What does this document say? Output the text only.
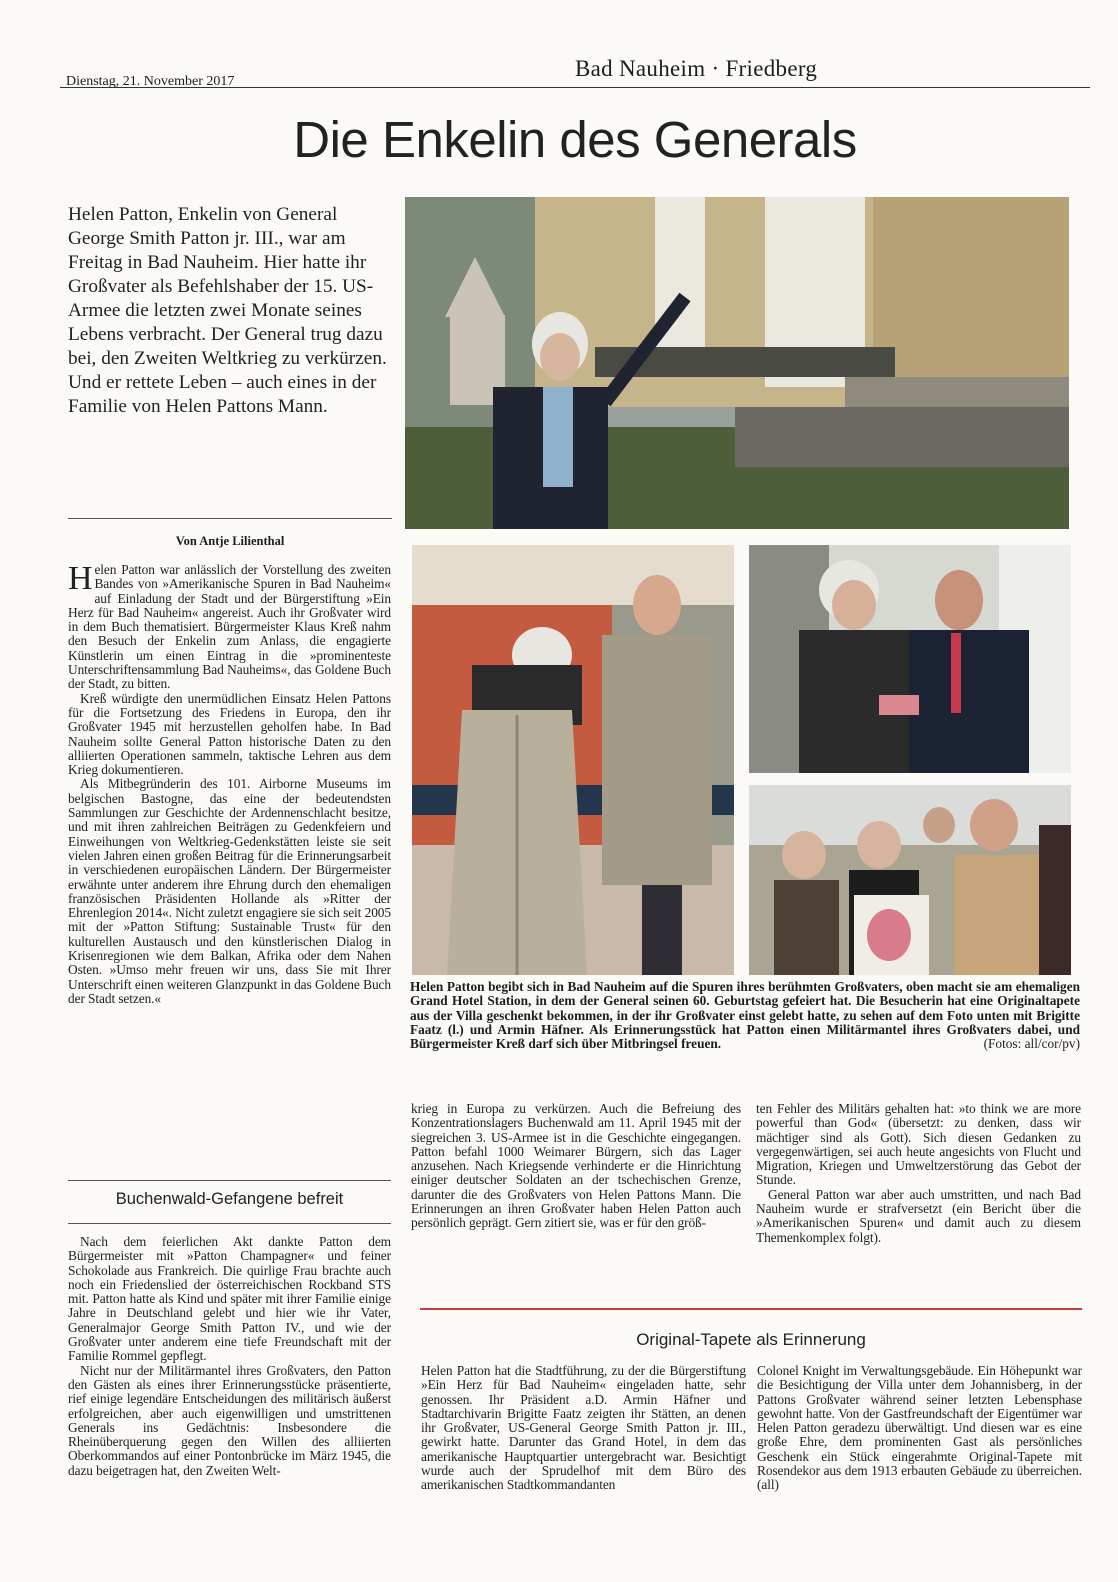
Dienstag, 21. November 2017
Bad Nauheim · Friedberg
Die Enkelin des Generals
Helen Patton, Enkelin von General George Smith Patton jr. III., war am Freitag in Bad Nauheim. Hier hatte ihr Großvater als Befehlshaber der 15. US-Armee die letzten zwei Monate seines Lebens verbracht. Der General trug dazu bei, den Zweiten Weltkrieg zu verkürzen. Und er rettete Leben – auch eines in der Familie von Helen Pattons Mann.
Von Antje Lilienthal

Helen Patton war anlässlich der Vorstellung des zweiten Bandes von »Amerikanische Spuren in Bad Nauheim« auf Einladung der Stadt und der Bürgerstiftung »Ein Herz für Bad Nauheim« angereist. Auch ihr Großvater wird in dem Buch thematisiert. Bürgermeister Klaus Kreß nahm den Besuch der Enkelin zum Anlass, die engagierte Künstlerin um einen Eintrag in die »prominenteste Unterschriftensammlung Bad Nauheims«, das Goldene Buch der Stadt, zu bitten.

Kreß würdigte den unermüdlichen Einsatz Helen Pattons für die Fortsetzung des Friedens in Europa, den ihr Großvater 1945 mit herzustellen geholfen habe. In Bad Nauheim sollte General Patton historische Daten zu den alliierten Operationen sammeln, taktische Lehren aus dem Krieg dokumentieren.

Als Mitbegründerin des 101. Airborne Museums im belgischen Bastogne, das eine der bedeutendsten Sammlungen zur Geschichte der Ardennenschlacht besitze, und mit ihren zahlreichen Beiträgen zu Gedenkfeiern und Einweihungen von Weltkrieg-Gedenkstätten leiste sie seit vielen Jahren einen großen Beitrag für die Erinnerungsarbeit in verschiedenen europäischen Ländern. Der Bürgermeister erwähnte unter anderem ihre Ehrung durch den ehemaligen französischen Präsidenten Hollande als »Ritter der Ehrenlegion 2014«. Nicht zuletzt engagiere sie sich seit 2005 mit der »Patton Stiftung: Sustainable Trust« für den kulturellen Austausch und den künstlerischen Dialog in Krisenregionen wie dem Balkan, Afrika oder dem Nahen Osten. »Umso mehr freuen wir uns, dass Sie mit Ihrer Unterschrift einen weiteren Glanzpunkt in das Goldene Buch der Stadt setzen.«

Buchenwald-Gefangene befreit

Nach dem feierlichen Akt dankte Patton dem Bürgermeister mit »Patton Champagner« und feiner Schokolade aus Frankreich. Die quirlige Frau brachte auch noch ein Friedenslied der österreichischen Rockband STS mit. Patton hatte als Kind und später mit ihrer Familie einige Jahre in Deutschland gelebt und hier wie ihr Vater, Generalmajor George Smith Patton IV., und wie der Großvater unter anderem eine tiefe Freundschaft mit der Familie Rommel gepflegt.

Nicht nur der Militärmantel ihres Großvaters, den Patton den Gästen als eines ihrer Erinnerungsstücke präsentierte, rief einige legendäre Entscheidungen des militärisch äußerst erfolgreichen, aber auch eigenwilligen und umstrittenen Generals ins Gedächtnis: Insbesondere die Rheinüberquerung gegen den Willen des alliierten Oberkommandos auf einer Pontonbrücke im März 1945, die dazu beigetragen hat, den Zweiten Welt-

Helen Patton begibt sich in Bad Nauheim auf die Spuren ihres berühmten Großvaters, oben macht sie am ehemaligen Grand Hotel Station, in dem der General seinen 60. Geburtstag gefeiert hat. Die Besucherin hat eine Originaltapete aus der Villa geschenkt bekommen, in der ihr Großvater einst gelebt hatte, zu sehen auf dem Foto unten mit Brigitte Faatz (l.) und Armin Häfner. Als Erinnerungsstück hat Patton einen Militärmantel ihres Großvaters dabei, und Bürgermeister Kreß darf sich über Mitbringsel freuen.	(Fotos: all/cor/pv)

krieg in Europa zu verkürzen. Auch die Befreiung des Konzentrationslagers Buchenwald am 11. April 1945 mit der siegreichen 3. US-Armee ist in die Geschichte eingegangen. Patton befahl 1000 Weimarer Bürgern, sich das Lager anzusehen. Nach Kriegsende verhinderte er die Hinrichtung einiger deutscher Soldaten an der tschechischen Grenze, darunter die des Großvaters von Helen Pattons Mann. Die Erinnerungen an ihren Großvater haben Helen Patton auch persönlich geprägt. Gern zitiert sie, was er für den größ-

ten Fehler des Militärs gehalten hat: »to think we are more powerful than God« (übersetzt: zu denken, dass wir mächtiger sind als Gott). Sich diesen Gedanken zu vergegenwärtigen, sei auch heute angesichts von Flucht und Migration, Kriegen und Umweltzerstörung das Gebot der Stunde.

General Patton war aber auch umstritten, und nach Bad Nauheim wurde er strafversetzt (ein Bericht über die »Amerikanischen Spuren« und damit auch zu diesem Themenkomplex folgt).

Original-Tapete als Erinnerung

Helen Patton hat die Stadtführung, zu der die Bürgerstiftung »Ein Herz für Bad Nauheim« eingeladen hatte, sehr genossen. Ihr Präsident a.D. Armin Häfner und Stadtarchivarin Brigitte Faatz zeigten ihr Stätten, an denen ihr Großvater, US-General George Smith Patton jr. III., gewirkt hatte. Darunter das Grand Hotel, in dem das amerikanische Hauptquartier untergebracht war. Besichtigt wurde auch der Sprudelhof mit dem Büro des amerikanischen Stadtkommandanten

Colonel Knight im Verwaltungsgebäude. Ein Höhepunkt war die Besichtigung der Villa unter dem Johannisberg, in der Pattons Großvater während seiner letzten Lebensphase gewohnt hatte. Von der Gastfreundschaft der Eigentümer war Helen Patton geradezu überwältigt. Und diesen war es eine große Ehre, dem prominenten Gast als persönliches Geschenk ein Stück eingerahmte Original-Tapete mit Rosendekor aus dem 1913 erbauten Gebäude zu überreichen. (all)
